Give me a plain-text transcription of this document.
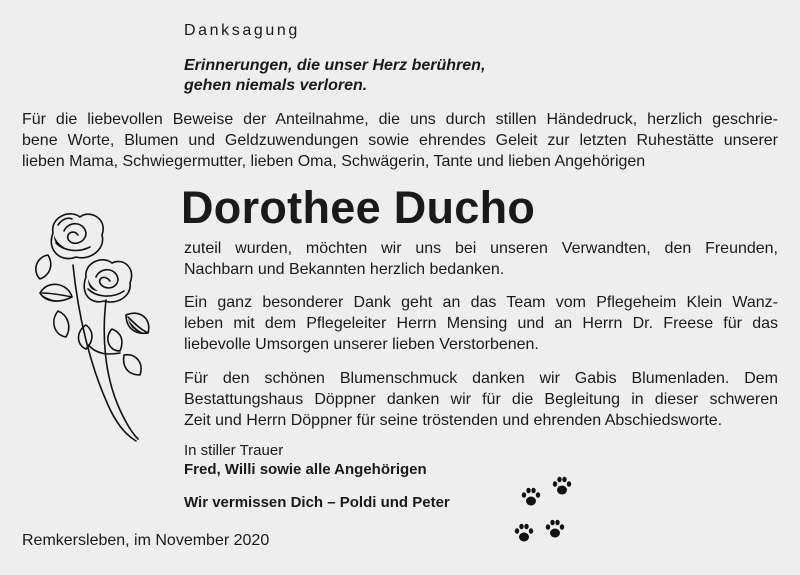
Danksagung
Erinnerungen, die unser Herz berühren,
gehen niemals verloren.
Für die liebevollen Beweise der Anteilnahme, die uns durch stillen Händedruck, herzlich geschrie-
bene Worte, Blumen und Geldzuwendungen sowie ehrendes Geleit zur letzten Ruhestätte unserer
lieben Mama, Schwiegermutter, lieben Oma, Schwägerin, Tante und lieben Angehörigen
Dorothee Ducho
zuteil wurden, möchten wir uns bei unseren Verwandten, den Freunden,
Nachbarn und Bekannten herzlich bedanken.
Ein ganz besonderer Dank geht an das Team vom Pflegeheim Klein Wanz-
leben mit dem Pflegeleiter Herrn Mensing und an Herrn Dr. Freese für das
liebevolle Umsorgen unserer lieben Verstorbenen.
Für den schönen Blumenschmuck danken wir Gabis Blumenladen. Dem
Bestattungshaus Döppner danken wir für die Begleitung in dieser schweren
Zeit und Herrn Döppner für seine tröstenden und ehrenden Abschiedsworte.
In stiller Trauer
Fred, Willi sowie alle Angehörigen
Wir vermissen Dich – Poldi und Peter
Remkersleben, im November 2020
